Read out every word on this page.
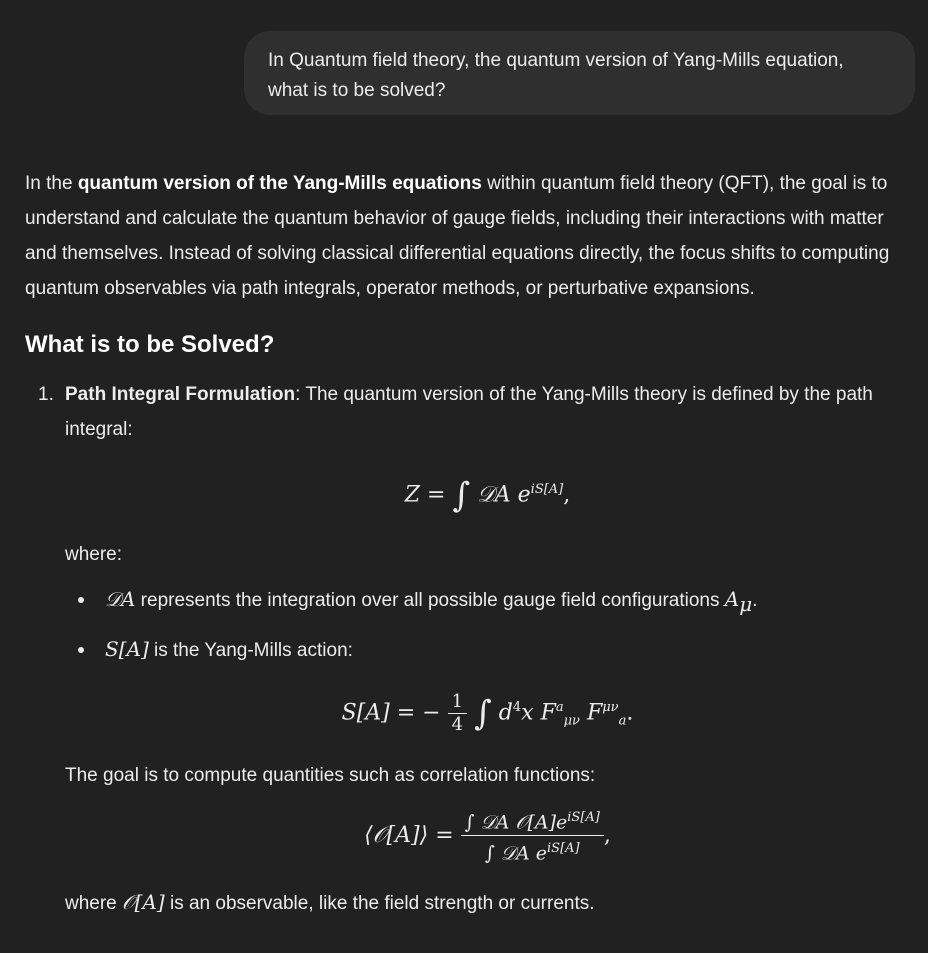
In Quantum field theory, the quantum version of Yang-Mills equation,
what is to be solved?

In the quantum version of the Yang-Mills equations within quantum field theory (QFT), the goal is to understand and calculate the quantum behavior of gauge fields, including their interactions with matter and themselves. Instead of solving classical differential equations directly, the focus shifts to computing quantum observables via path integrals, operator methods, or perturbative expansions.

What is to be Solved?
1. Path Integral Formulation: The quantum version of the Yang-Mills theory is defined by the path integral:
Z = ∫ 𝒟A $e^{iS[A]}$,
where:
𝒟A represents the integration over all possible gauge field configurations $A_\mu$.
S[A] is the Yang-Mills action:
S[A] = − $\frac{1}{4}$ ∫ $d^4x$ $F^a_{\mu\nu}$ $F^{\mu\nu}_a$.
The goal is to compute quantities such as correlation functions:
⟨𝒪[A]⟩ = $\frac{\int 𝒟A 𝒪[A]e^{iS[A]}}{\int 𝒟A e^{iS[A]}}$ ,
where 𝒪[A] is an observable, like the field strength or currents.
